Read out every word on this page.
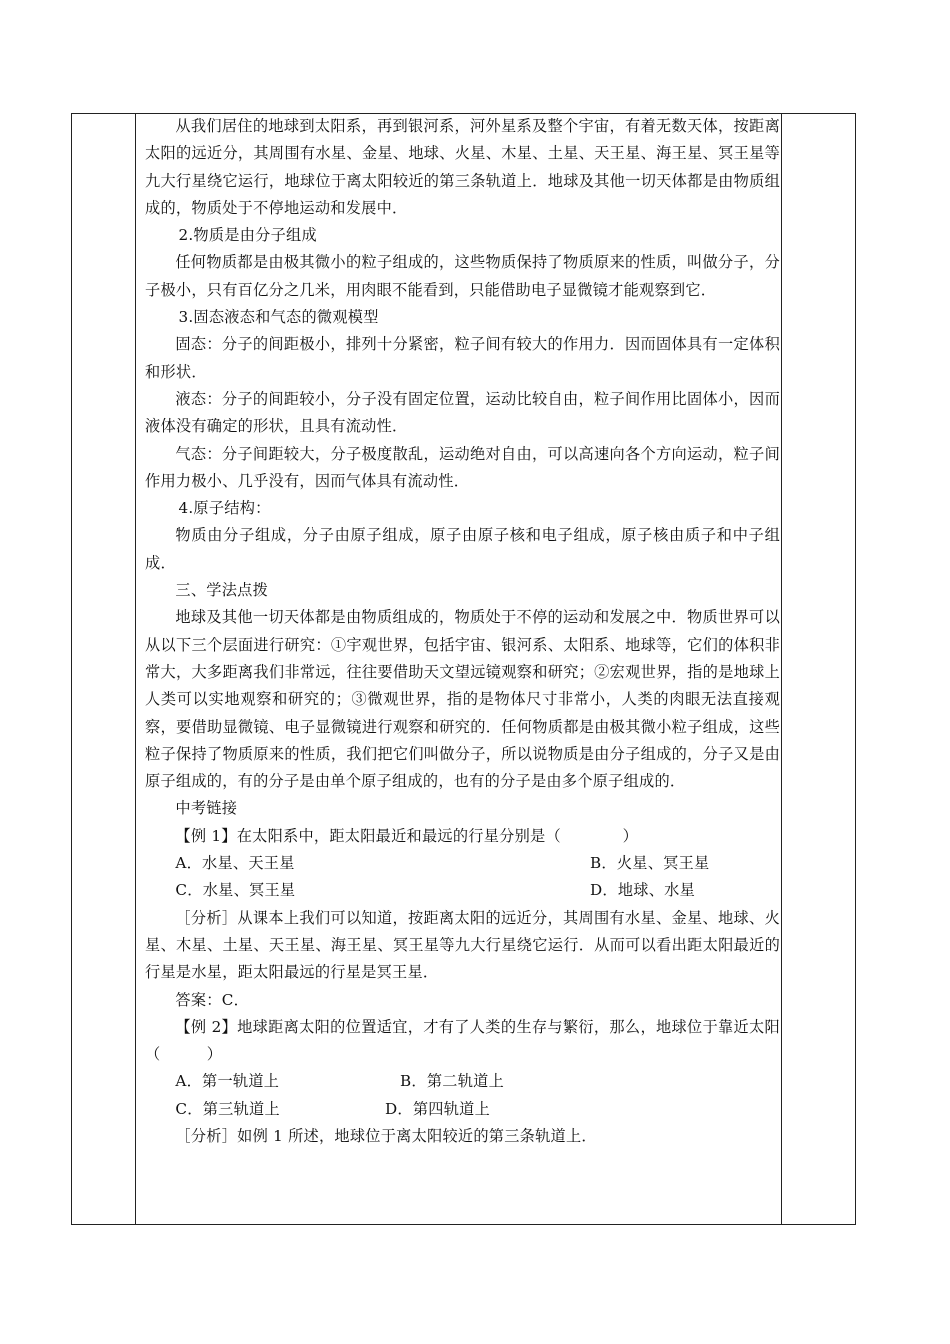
从我们居住的地球到太阳系，再到银河系，河外星系及整个宇宙，有着无数天体，按距离太阳的远近分，其周围有水星、金星、地球、火星、木星、土星、天王星、海王星、冥王星等九大行星绕它运行，地球位于离太阳较近的第三条轨道上．地球及其他一切天体都是由物质组成的，物质处于不停地运动和发展中．

2.物质是由分子组成

任何物质都是由极其微小的粒子组成的，这些物质保持了物质原来的性质，叫做分子，分子极小，只有百亿分之几米，用肉眼不能看到，只能借助电子显微镜才能观察到它．

3.固态液态和气态的微观模型

固态：分子的间距极小，排列十分紧密，粒子间有较大的作用力．因而固体具有一定体积和形状．

液态：分子的间距较小，分子没有固定位置，运动比较自由，粒子间作用比固体小，因而液体没有确定的形状，且具有流动性．

气态：分子间距较大，分子极度散乱，运动绝对自由，可以高速向各个方向运动，粒子间作用力极小、几乎没有，因而气体具有流动性．

4.原子结构：

物质由分子组成，分子由原子组成，原子由原子核和电子组成，原子核由质子和中子组成．

三、学法点拨

地球及其他一切天体都是由物质组成的，物质处于不停的运动和发展之中．物质世界可以从以下三个层面进行研究：①宇观世界，包括宇宙、银河系、太阳系、地球等，它们的体积非常大，大多距离我们非常远，往往要借助天文望远镜观察和研究；②宏观世界，指的是地球上人类可以实地观察和研究的；③微观世界，指的是物体尺寸非常小，人类的肉眼无法直接观察，要借助显微镜、电子显微镜进行观察和研究的．任何物质都是由极其微小粒子组成，这些粒子保持了物质原来的性质，我们把它们叫做分子，所以说物质是由分子组成的，分子又是由原子组成的，有的分子是由单个原子组成的，也有的分子是由多个原子组成的．

中考链接

【例 1】在太阳系中，距太阳最近和最远的行星分别是（　　　　）

A．水星、天王星	B．火星、冥王星
C．水星、冥王星	D．地球、水星

［分析］从课本上我们可以知道，按距离太阳的远近分，其周围有水星、金星、地球、火星、木星、土星、天王星、海王星、冥王星等九大行星绕它运行．从而可以看出距太阳最近的行星是水星，距太阳最远的行星是冥王星．

答案：C．

【例 2】地球距离太阳的位置适宜，才有了人类的生存与繁衍，那么，地球位于靠近太阳（　　　）

A．第一轨道上	B．第二轨道上
C．第三轨道上	D．第四轨道上

［分析］如例 1 所述，地球位于离太阳较近的第三条轨道上．
